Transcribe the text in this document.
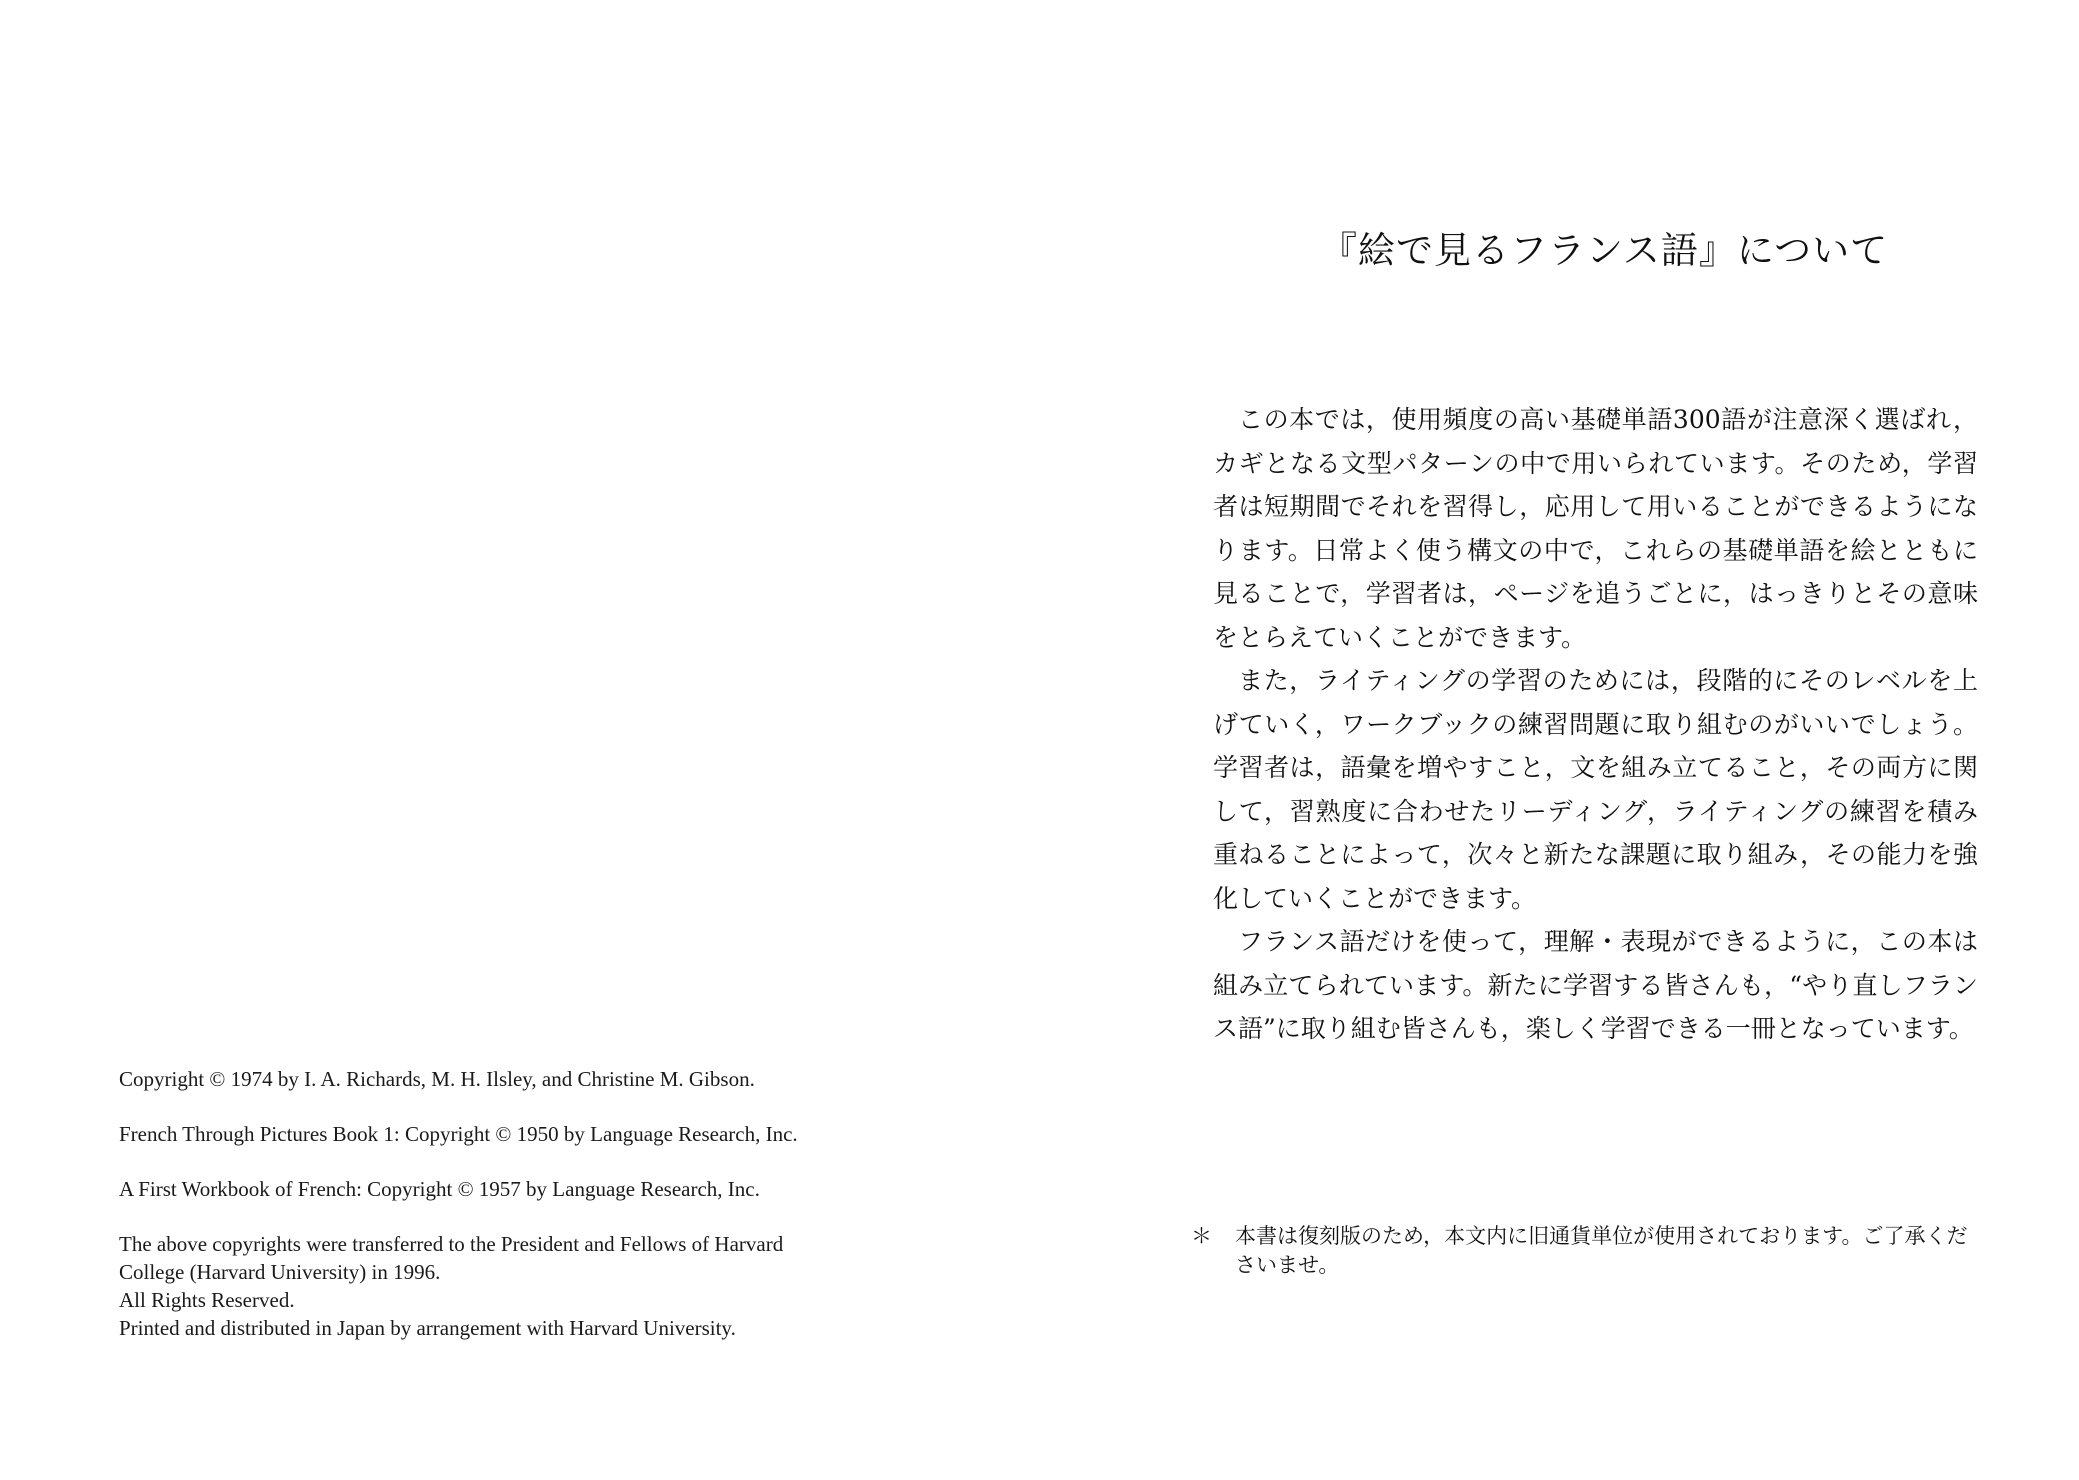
Copyright © 1974 by I. A. Richards, M. H. Ilsley, and Christine M. Gibson.

French Through Pictures Book 1: Copyright © 1950 by Language Research, Inc.

A First Workbook of French: Copyright © 1957 by Language Research, Inc.

The above copyrights were transferred to the President and Fellows of Harvard

College (Harvard University) in 1996.

All Rights Reserved.

Printed and distributed in Japan by arrangement with Harvard University.

『絵で見るフランス語』について

この本では，使用頻度の高い基礎単語300語が注意深く選ばれ，カギとなる文型パターンの中で用いられています。そのため，学習者は短期間でそれを習得し，応用して用いることができるようになります。日常よく使う構文の中で，これらの基礎単語を絵とともに見ることで，学習者は，ページを追うごとに，はっきりとその意味をとらえていくことができます。

また，ライティングの学習のためには，段階的にそのレベルを上げていく，ワークブックの練習問題に取り組むのがいいでしょう。学習者は，語彙を増やすこと，文を組み立てること，その両方に関して，習熟度に合わせたリーディング，ライティングの練習を積み重ねることによって，次々と新たな課題に取り組み，その能力を強化していくことができます。

フランス語だけを使って，理解・表現ができるように，この本は組み立てられています。新たに学習する皆さんも，“やり直しフランス語”に取り組む皆さんも，楽しく学習できる一冊となっています。

＊ 本書は復刻版のため，本文内に旧通貨単位が使用されております。ご了承くださいませ。
